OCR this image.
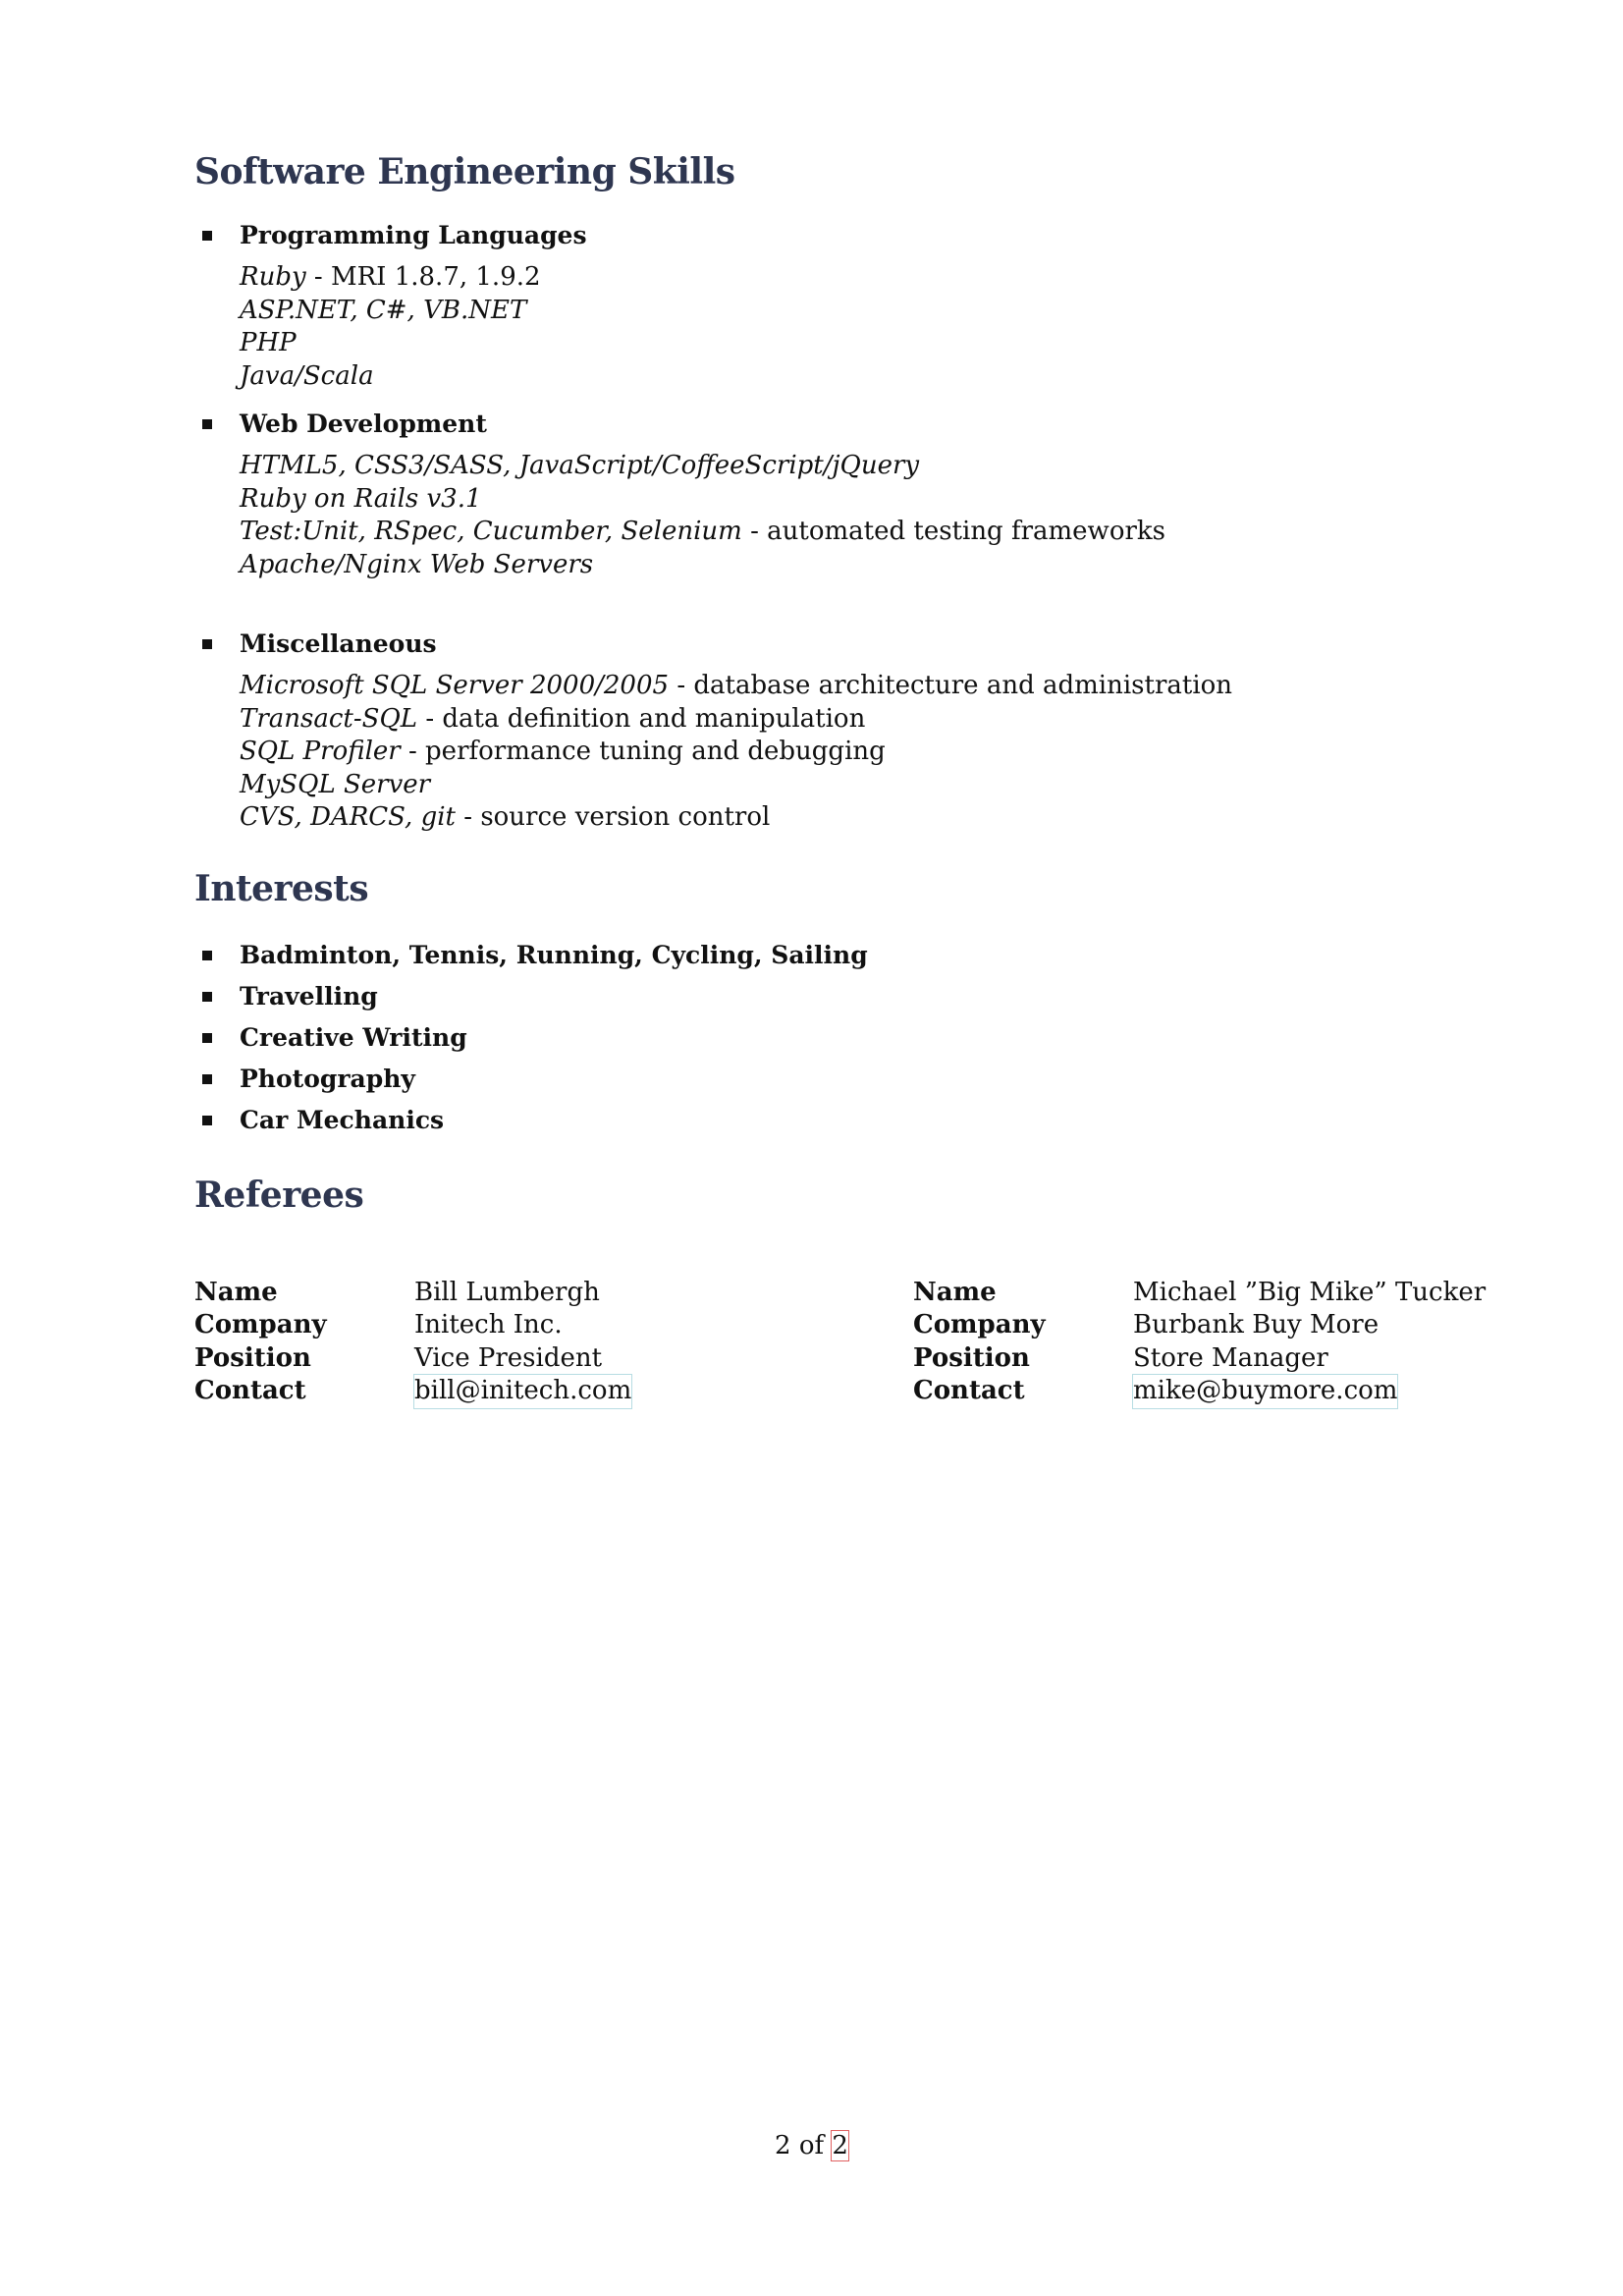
Software Engineering Skills
Programming Languages
Ruby - MRI 1.8.7, 1.9.2
ASP.NET, C#, VB.NET
PHP
Java/Scala
Web Development
HTML5, CSS3/SASS, JavaScript/CoffeeScript/jQuery
Ruby on Rails v3.1
Test:Unit, RSpec, Cucumber, Selenium - automated testing frameworks
Apache/Nginx Web Servers
Miscellaneous
Microsoft SQL Server 2000/2005 - database architecture and administration
Transact-SQL - data definition and manipulation
SQL Profiler - performance tuning and debugging
MySQL Server
CVS, DARCS, git - source version control
Interests
Badminton, Tennis, Running, Cycling, Sailing
Travelling
Creative Writing
Photography
Car Mechanics
Referees
Name	Bill Lumbergh
Company	Initech Inc.
Position	Vice President
Contact	bill@initech.com
Name	Michael ”Big Mike” Tucker
Company	Burbank Buy More
Position	Store Manager
Contact	mike@buymore.com
2 of 2
